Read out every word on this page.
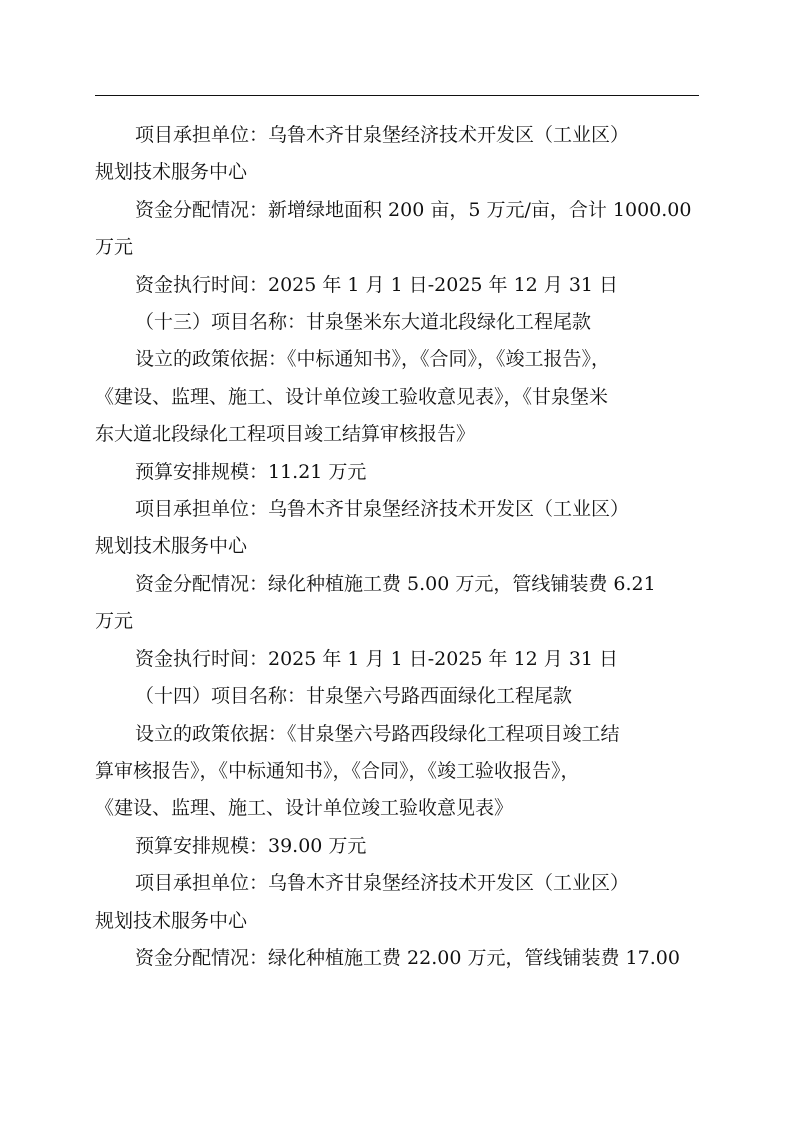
项目承担单位：乌鲁木齐甘泉堡经济技术开发区（工业区）
规划技术服务中心
资金分配情况：新增绿地面积 200 亩，5 万元/亩，合计 1000.00
万元
资金执行时间：2025 年 1 月 1 日-2025 年 12 月 31 日
（十三）项目名称：甘泉堡米东大道北段绿化工程尾款
设立的政策依据：《中标通知书》，《合同》，《竣工报告》，
《建设、监理、施工、设计单位竣工验收意见表》，《甘泉堡米
东大道北段绿化工程项目竣工结算审核报告》
预算安排规模：11.21 万元
项目承担单位：乌鲁木齐甘泉堡经济技术开发区（工业区）
规划技术服务中心
资金分配情况：绿化种植施工费 5.00 万元，管线铺装费 6.21
万元
资金执行时间：2025 年 1 月 1 日-2025 年 12 月 31 日
（十四）项目名称：甘泉堡六号路西面绿化工程尾款
设立的政策依据：《甘泉堡六号路西段绿化工程项目竣工结
算审核报告》，《中标通知书》，《合同》，《竣工验收报告》，
《建设、监理、施工、设计单位竣工验收意见表》
预算安排规模：39.00 万元
项目承担单位：乌鲁木齐甘泉堡经济技术开发区（工业区）
规划技术服务中心
资金分配情况：绿化种植施工费 22.00 万元，管线铺装费 17.00
